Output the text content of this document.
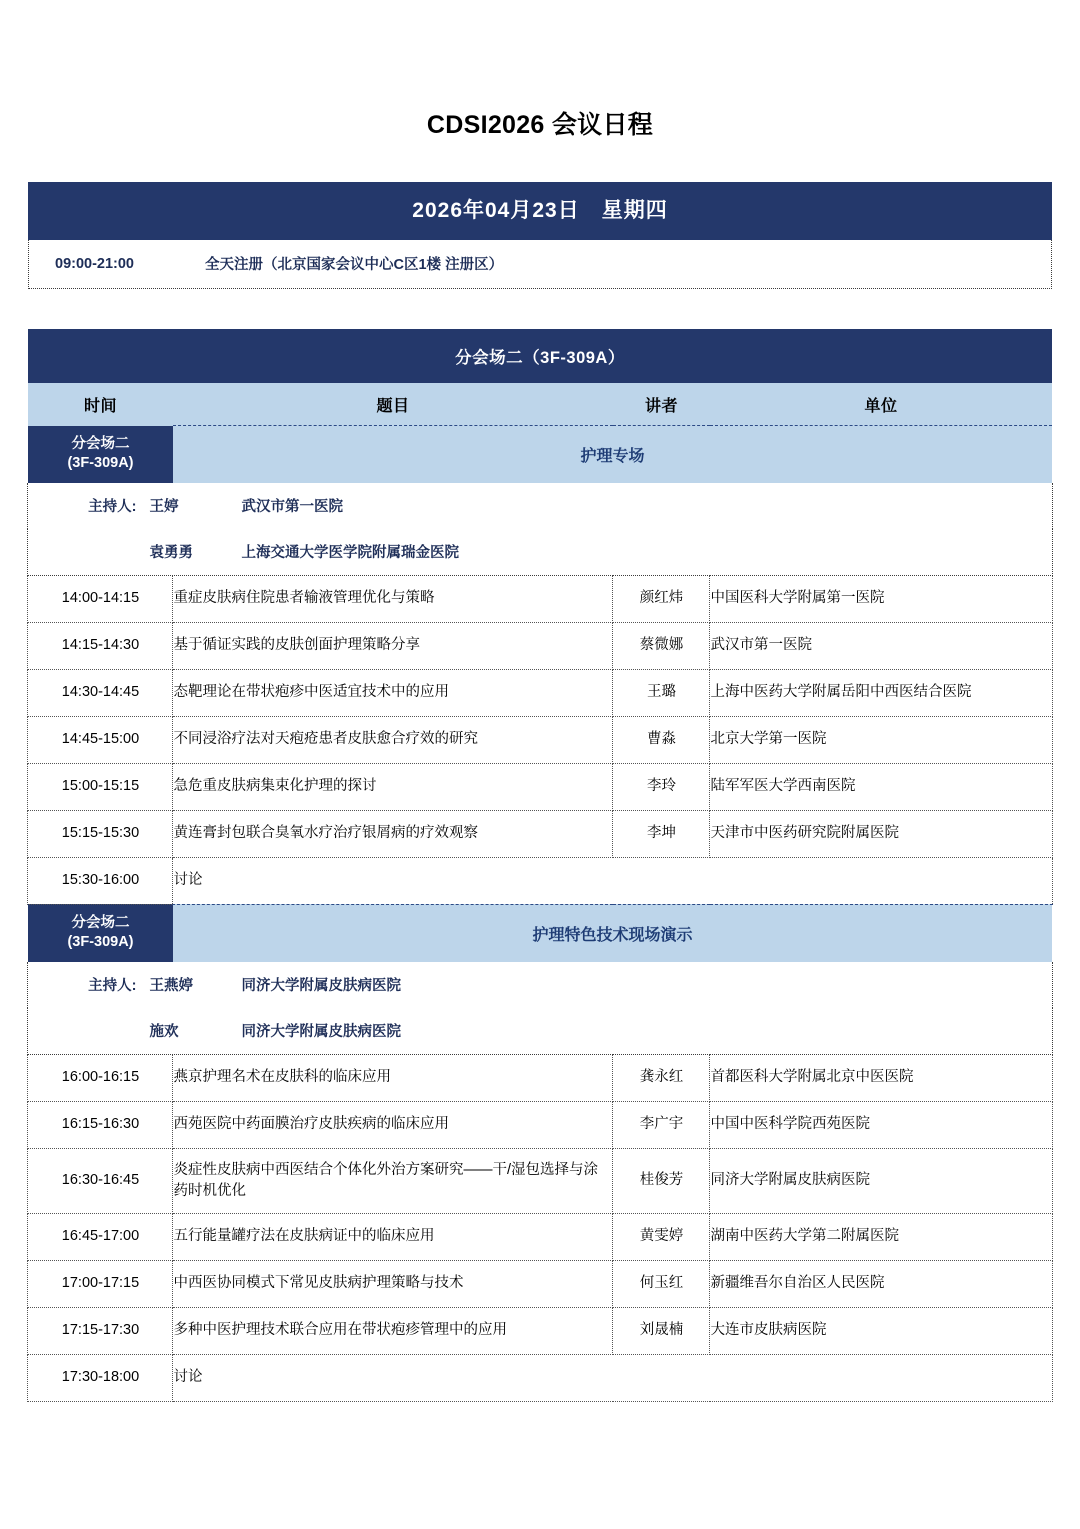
CDSI2026 会议日程
2026年04月23日　星期四
09:00-21:00	全天注册（北京国家会议中心C区1楼 注册区）
分会场二（3F-309A）			
时间	题目	讲者	单位

分会场二
(3F-309A)	护理专场		

主持人: 王婷 武汉市第一医院			

袁勇勇 上海交通大学医学院附属瑞金医院			

14:00-14:15	重症皮肤病住院患者输液管理优化与策略	颜红炜	中国医科大学附属第一医院
14:15-14:30	基于循证实践的皮肤创面护理策略分享	蔡微娜	武汉市第一医院
14:30-14:45	态靶理论在带状疱疹中医适宜技术中的应用	王璐	上海中医药大学附属岳阳中西医结合医院
14:45-15:00	不同浸浴疗法对天疱疮患者皮肤愈合疗效的研究	曹淼	北京大学第一医院
15:00-15:15	急危重皮肤病集束化护理的探讨	李玲	陆军军医大学西南医院
15:15-15:30	黄连膏封包联合臭氧水疗治疗银屑病的疗效观察	李坤	天津市中医药研究院附属医院
15:30-16:00	讨论		

分会场二
(3F-309A)	护理特色技术现场演示		

主持人: 王燕婷 同济大学附属皮肤病医院			

施欢 同济大学附属皮肤病医院			

16:00-16:15	燕京护理名术在皮肤科的临床应用	龚永红	首都医科大学附属北京中医医院
16:15-16:30	西苑医院中药面膜治疗皮肤疾病的临床应用	李广宇	中国中医科学院西苑医院
16:30-16:45	炎症性皮肤病中西医结合个体化外治方案研究——干/湿包选择与涂药时机优化	桂俊芳	同济大学附属皮肤病医院
16:45-17:00	五行能量罐疗法在皮肤病证中的临床应用	黄雯婷	湖南中医药大学第二附属医院
17:00-17:15	中西医协同模式下常见皮肤病护理策略与技术	何玉红	新疆维吾尔自治区人民医院
17:15-17:30	多种中医护理技术联合应用在带状疱疹管理中的应用	刘晟楠	大连市皮肤病医院
17:30-18:00	讨论		
